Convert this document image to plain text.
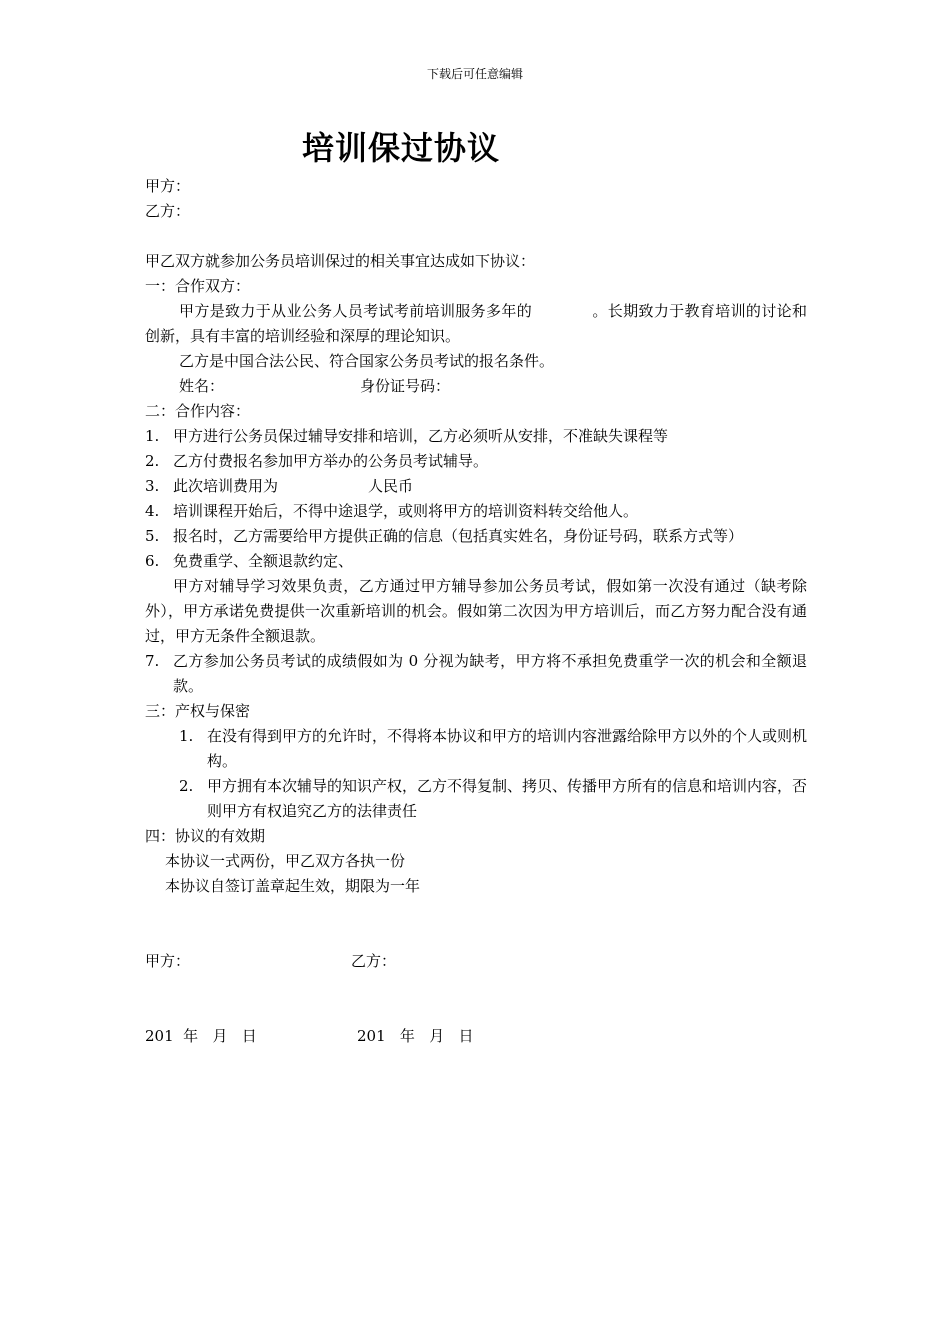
下载后可任意编辑
培训保过协议
甲方：
乙方：
甲乙双方就参加公务员培训保过的相关事宜达成如下协议：
一：合作双方：
甲方是致力于从业公务人员考试考前培训服务多年的	。长期致力于教育培训的讨论和创新，具有丰富的培训经验和深厚的理论知识。
乙方是中国合法公民、符合国家公务员考试的报名条件。
姓名：	身份证号码：
二：合作内容：
1. 甲方进行公务员保过辅导安排和培训，乙方必须听从安排，不准缺失课程等
2. 乙方付费报名参加甲方举办的公务员考试辅导。
3. 此次培训费用为	人民币
4. 培训课程开始后，不得中途退学，或则将甲方的培训资料转交给他人。
5. 报名时，乙方需要给甲方提供正确的信息（包括真实姓名，身份证号码，联系方式等）
6. 免费重学、全额退款约定、
甲方对辅导学习效果负责，乙方通过甲方辅导参加公务员考试，假如第一次没有通过（缺考除外），甲方承诺免费提供一次重新培训的机会。假如第二次因为甲方培训后，而乙方努力配合没有通过，甲方无条件全额退款。
7. 乙方参加公务员考试的成绩假如为 0 分视为缺考，甲方将不承担免费重学一次的机会和全额退款。
三：产权与保密
1. 在没有得到甲方的允许时，不得将本协议和甲方的培训内容泄露给除甲方以外的个人或则机构。
2. 甲方拥有本次辅导的知识产权，乙方不得复制、拷贝、传播甲方所有的信息和培训内容，否则甲方有权追究乙方的法律责任
四：协议的有效期
本协议一式两份，甲乙双方各执一份
本协议自签订盖章起生效，期限为一年
甲方：	乙方：
201  年   月   日	201   年   月   日
